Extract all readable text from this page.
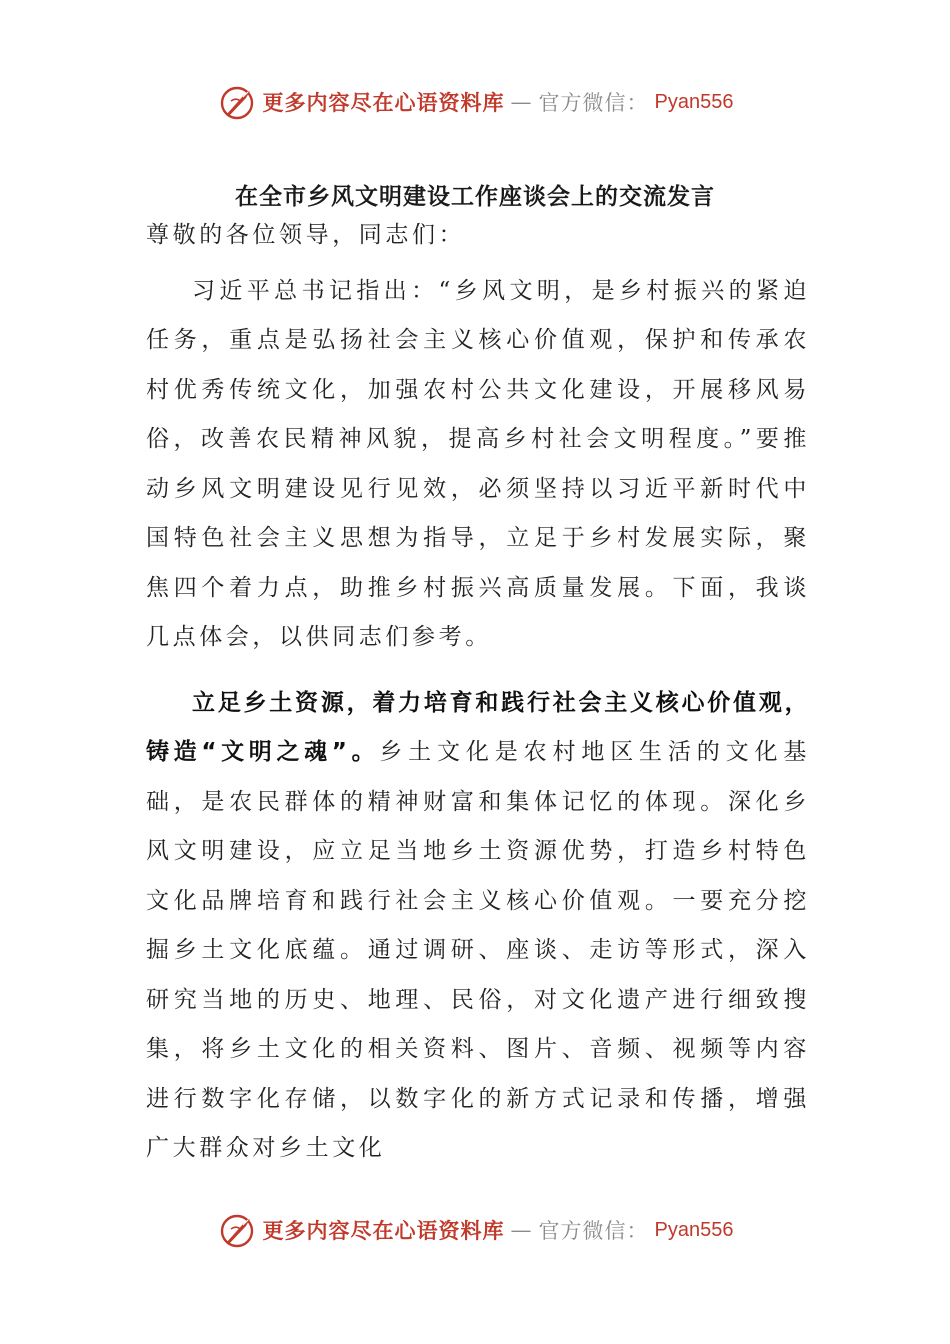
更多内容尽在心语资料库 — 官方微信： Pyan556
在全市乡风文明建设工作座谈会上的交流发言

尊敬的各位领导，同志们：

习近平总书记指出：“乡风文明，是乡村振兴的紧迫任务，重点是弘扬社会主义核心价值观，保护和传承农村优秀传统文化，加强农村公共文化建设，开展移风易俗，改善农民精神风貌，提高乡村社会文明程度。”要推动乡风文明建设见行见效，必须坚持以习近平新时代中国特色社会主义思想为指导，立足于乡村发展实际，聚焦四个着力点，助推乡村振兴高质量发展。下面，我谈几点体会，以供同志们参考。

立足乡土资源，着力培育和践行社会主义核心价值观，铸造“文明之魂”。乡土文化是农村地区生活的文化基础，是农民群体的精神财富和集体记忆的体现。深化乡风文明建设，应立足当地乡土资源优势，打造乡村特色文化品牌培育和践行社会主义核心价值观。一要充分挖掘乡土文化底蕴。通过调研、座谈、走访等形式，深入研究当地的历史、地理、民俗，对文化遗产进行细致搜集，将乡土文化的相关资料、图片、音频、视频等内容进行数字化存储，以数字化的新方式记录和传播，增强广大群众对乡土文化

更多内容尽在心语资料库 — 官方微信： Pyan556
